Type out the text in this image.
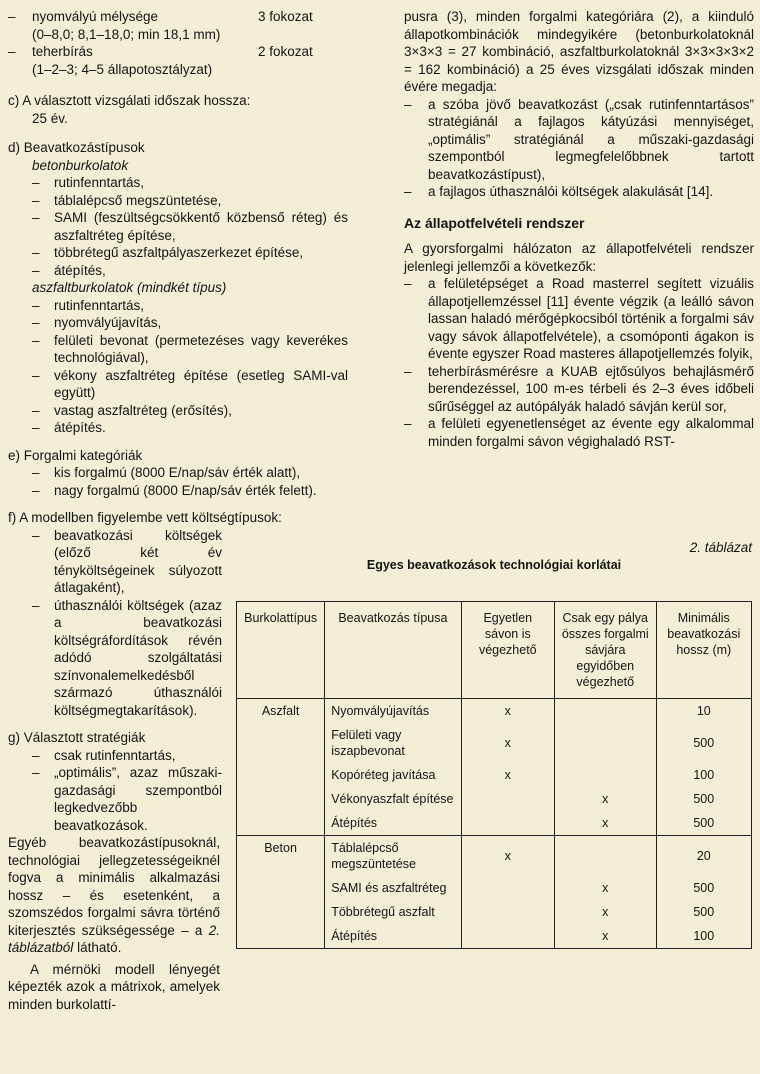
–	nyomvályú mélysége	3 fokozat
(0–8,0; 8,1–18,0; min 18,1 mm)
–	teherbírás	2 fokozat
(1–2–3; 4–5 állapotosztályzat)

c) A választott vizsgálati időszak hossza:

25 év.

d) Beavatkozástípusok

betonburkolatok

–	rutinfenntartás,
–	táblalépcső megszüntetése,
–	SAMI (feszültségcsökkentő közbenső réteg) és aszfaltréteg építése,
–	többrétegű aszfaltpályaszerkezet építése,
–	átépítés,

aszfaltburkolatok (mindkét típus)

–	rutinfenntartás,
–	nyomvályújavítás,
–	felületi bevonat (permetezéses vagy keverékes technológiával),
–	vékony aszfaltréteg építése (esetleg SAMI-val együtt)
–	vastag aszfaltréteg (erősítés),
–	átépítés.

e) Forgalmi kategóriák

–	kis forgalmú (8000 E/nap/sáv érték alatt),
–	nagy forgalmú (8000 E/nap/sáv érték felett).

f) A modellben figyelembe vett költségtípusok:

–	beavatkozási költségek (előző két év tényköltségeinek súlyozott átlagaként),
–	úthasználói költségek (azaz a beavatkozási költségráfordítások révén adódó szolgáltatási színvonalemelkedésből származó úthasználói költségmegtakarítások).

g) Választott stratégiák

–	csak rutinfenntartás,
–	„optimális”, azaz műszaki-gazdasági szempontból legkedvezőbb beavatkozások.

Egyéb beavatkozástípusoknál, technológiai jellegzetességeiknél fogva a minimális alkalmazási hossz – és esetenként, a szomszédos forgalmi sávra történő kiterjesztés szükségessége – a 2. táblázatból látható.

A mérnöki modell lényegét képezték azok a mátrixok, amelyek minden burkolattí-

pusra (3), minden forgalmi kategóriára (2), a kiinduló állapotkombinációk mindegyikére (betonburkolatoknál 3×3×3 = 27 kombináció, aszfaltburkolatoknál 3×3×3×3×2 = 162 kombináció) a 25 éves vizsgálati időszak minden évére megadja:

–	a szóba jövő beavatkozást („csak rutinfenntartásos” stratégiánál a fajlagos kátyúzási mennyiséget, „optimális” stratégiánál a műszaki-gazdasági szempontból legmegfelelőbbnek tartott beavatkozástípust),
–	a fajlagos úthasználói költségek alakulását [14].
Az állapotfelvételi rendszer

A gyorsforgalmi hálózaton az állapotfelvételi rendszer jelenlegi jellemzői a következők:

–	a felületépséget a Road masterrel segített vizuális állapotjellemzéssel [11] évente végzik (a leálló sávon lassan haladó mérőgépkocsiból történik a forgalmi sáv vagy sávok állapotfelvétele), a csomóponti ágakon is évente egyszer Road masteres állapotjellemzés folyik,
–	teherbírásmérésre a KUAB ejtősúlyos behajlásmérő berendezéssel, 100 m-es térbeli és 2–3 éves időbeli sűrűséggel az autópályák haladó sávján kerül sor,
–	a felületi egyenetlenséget az évente egy alkalommal minden forgalmi sávon végighaladó RST-
2. táblázat
Egyes beavatkozások technológiai korlátai
Burkolattípus	Beavatkozás típusa	Egyetlen sávon is végezhető	Csak egy pálya összes forgalmi sávjára egyidőben végezhető	Minimális beavatkozási hossz (m)
Aszfalt	Nyomvályújavítás	x		10
	Felületi vagy iszapbevonat	x		500
	Kopóréteg javítása	x		100
	Vékonyaszfalt építése		x	500
	Átépítés		x	500
Beton	Táblalépcső megszüntetése	x		20
	SAMI és aszfaltréteg		x	500
	Többrétegű aszfalt		x	500
	Átépítés		x	100
